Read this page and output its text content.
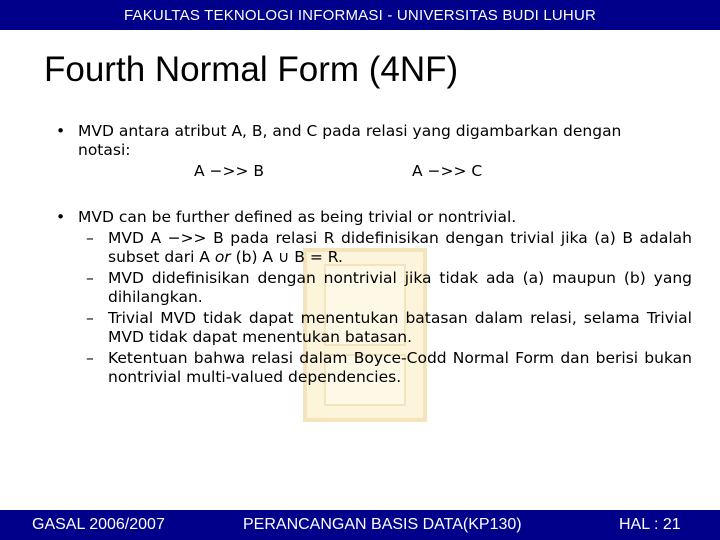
FAKULTAS TEKNOLOGI INFORMASI - UNIVERSITAS BUDI LUHUR
Fourth Normal Form (4NF)
• MVD antara atribut A, B, and C pada relasi yang digambarkan dengan
notasi:
A −>> B	A −>> C
• MVD can be further defined as being trivial or nontrivial.
– MVD A −>> B pada relasi R didefinisikan dengan trivial jika (a) B adalah subset dari A or (b) A ∪ B = R.
– MVD didefinisikan dengan nontrivial jika tidak ada (a) maupun (b) yang dihilangkan.
– Trivial MVD tidak dapat menentukan batasan dalam relasi, selama Trivial MVD tidak dapat menentukan batasan.
– Ketentuan bahwa relasi dalam Boyce-Codd Normal Form dan berisi bukan nontrivial multi-valued dependencies.
GASAL 2006/2007	PERANCANGAN BASIS DATA(KP130)	HAL : 21
